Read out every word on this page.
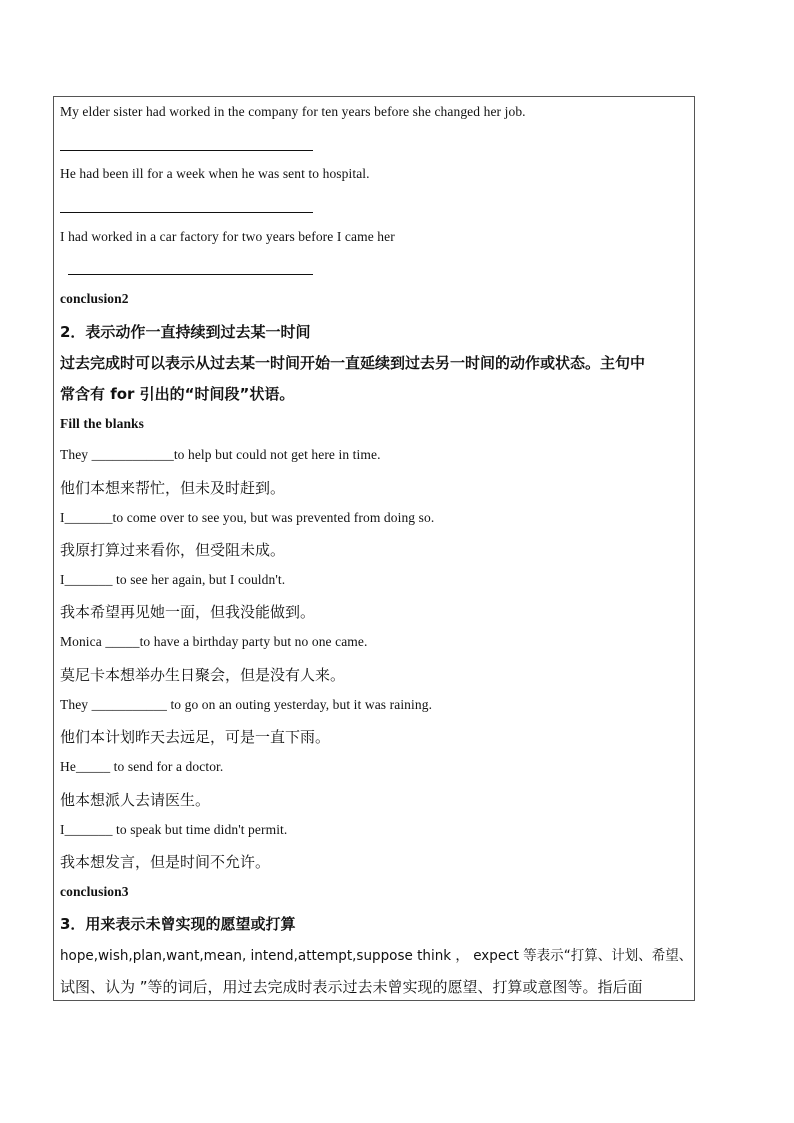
My elder sister had worked in the company for ten years before she changed her job.
He had been ill for a week when he was sent to hospital.
I had worked in a car factory for two years before I came her
conclusion2
2．表示动作一直持续到过去某一时间
过去完成时可以表示从过去某一时间开始一直延续到过去另一时间的动作或状态。主句中
常含有 for 引出的“时间段”状语。
Fill the blanks
They ____________to help but could not get here in time.
他们本想来帮忙，但未及时赶到。
I_______to come over to see you, but was prevented from doing so.
我原打算过来看你，但受阻未成。
I_______ to see her again, but I couldn't.
我本希望再见她一面，但我没能做到。
Monica _____to have a birthday party but no one came.
莫尼卡本想举办生日聚会，但是没有人来。
They ___________ to go on an outing yesterday, but it was raining.
他们本计划昨天去远足，可是一直下雨。
He_____ to send for a doctor.
他本想派人去请医生。
I_______ to speak but time didn't permit.
我本想发言，但是时间不允许。
conclusion3
3．用来表示未曾实现的愿望或打算
hope,wish,plan,want,mean, intend,attempt,suppose think ， expect 等表示“打算、计划、希望、
试图、认为 ”等的词后，用过去完成时表示过去未曾实现的愿望、打算或意图等。指后面
